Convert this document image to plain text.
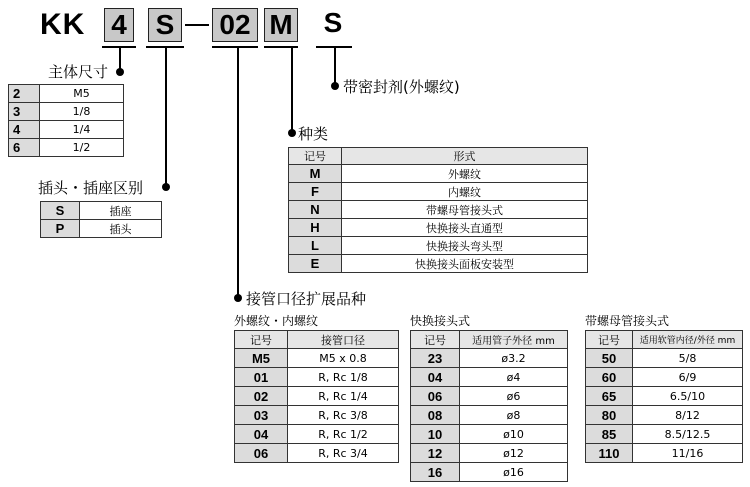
KK 4 S 02 M S
带密封剂(外螺纹)
主体尺寸
2	M5
3	1/8
4	1/4
6	1/2
插头・插座区别
S	插座
P	插头
种类
记号	形式
M	外螺纹
F	内螺纹
N	带螺母管接头式
H	快换接头直通型
L	快换接头弯头型
E	快换接头面板安装型
接管口径扩展品种
外螺纹・内螺纹
记号	接管口径
M5	M5 x 0.8
01	R, Rc 1/8
02	R, Rc 1/4
03	R, Rc 3/8
04	R, Rc 1/2
06	R, Rc 3/4
快换接头式
记号	适用管子外径 mm
23	ø3.2
04	ø4
06	ø6
08	ø8
10	ø10
12	ø12
16	ø16
带螺母管接头式
记号	适用软管内径/外径 mm
50	5/8
60	6/9
65	6.5/10
80	8/12
85	8.5/12.5
110	11/16
